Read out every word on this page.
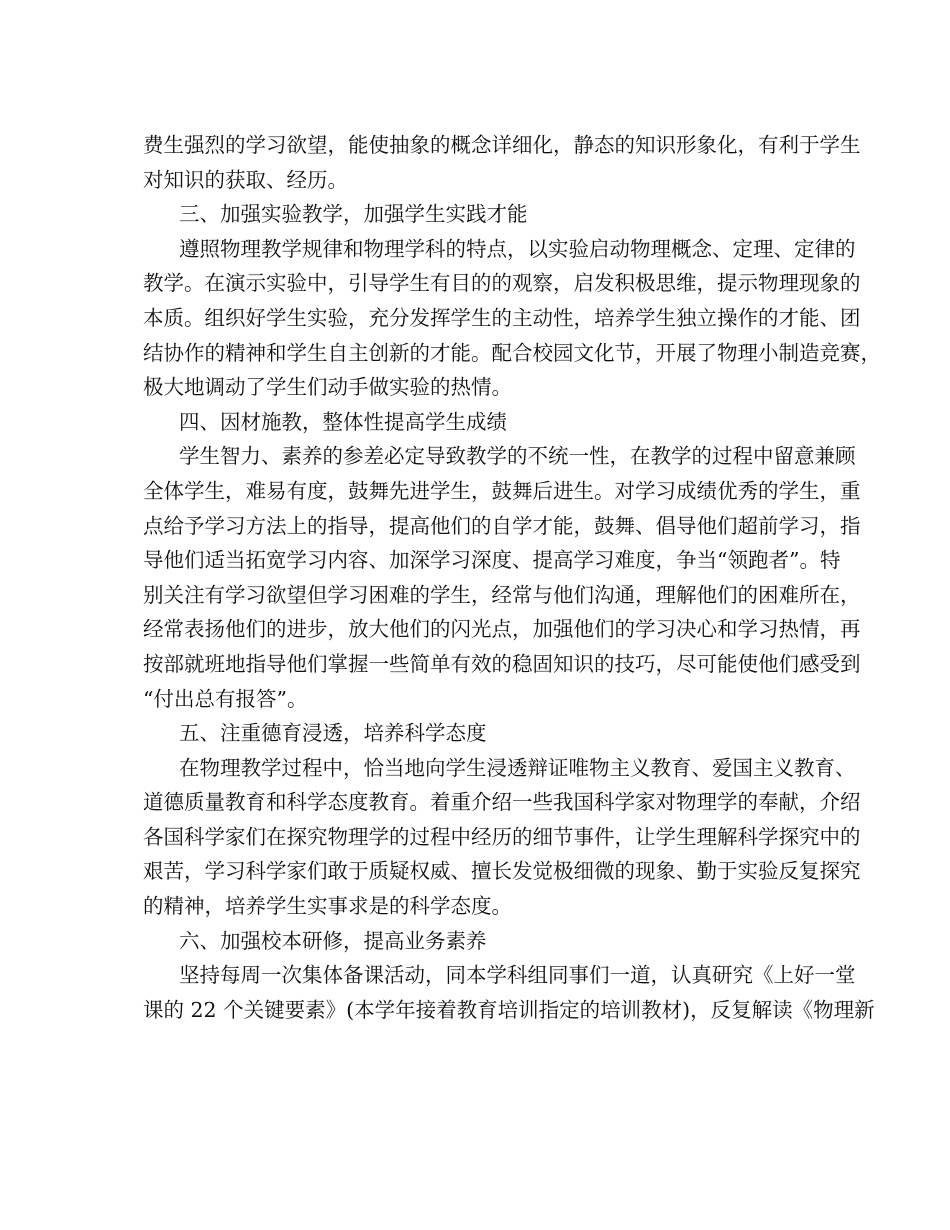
费生强烈的学习欲望，能使抽象的概念详细化，静态的知识形象化，有利于学生
对知识的获取、经历。
三、加强实验教学，加强学生实践才能
遵照物理教学规律和物理学科的特点，以实验启动物理概念、定理、定律的
教学。在演示实验中，引导学生有目的的观察，启发积极思维，提示物理现象的
本质。组织好学生实验，充分发挥学生的主动性，培养学生独立操作的才能、团
结协作的精神和学生自主创新的才能。配合校园文化节，开展了物理小制造竞赛，
极大地调动了学生们动手做实验的热情。
四、因材施教，整体性提高学生成绩
学生智力、素养的参差必定导致教学的不统一性，在教学的过程中留意兼顾
全体学生，难易有度，鼓舞先进学生，鼓舞后进生。对学习成绩优秀的学生，重
点给予学习方法上的指导，提高他们的自学才能，鼓舞、倡导他们超前学习，指
导他们适当拓宽学习内容、加深学习深度、提高学习难度，争当“领跑者”。特
别关注有学习欲望但学习困难的学生，经常与他们沟通，理解他们的困难所在，
经常表扬他们的进步，放大他们的闪光点，加强他们的学习决心和学习热情，再
按部就班地指导他们掌握一些简单有效的稳固知识的技巧，尽可能使他们感受到
“付出总有报答”。
五、注重德育浸透，培养科学态度
在物理教学过程中，恰当地向学生浸透辩证唯物主义教育、爱国主义教育、
道德质量教育和科学态度教育。着重介绍一些我国科学家对物理学的奉献，介绍
各国科学家们在探究物理学的过程中经历的细节事件，让学生理解科学探究中的
艰苦，学习科学家们敢于质疑权威、擅长发觉极细微的现象、勤于实验反复探究
的精神，培养学生实事求是的科学态度。
六、加强校本研修，提高业务素养
坚持每周一次集体备课活动，同本学科组同事们一道，认真研究《上好一堂
课的 22 个关键要素》(本学年接着教育培训指定的培训教材)，反复解读《物理新
